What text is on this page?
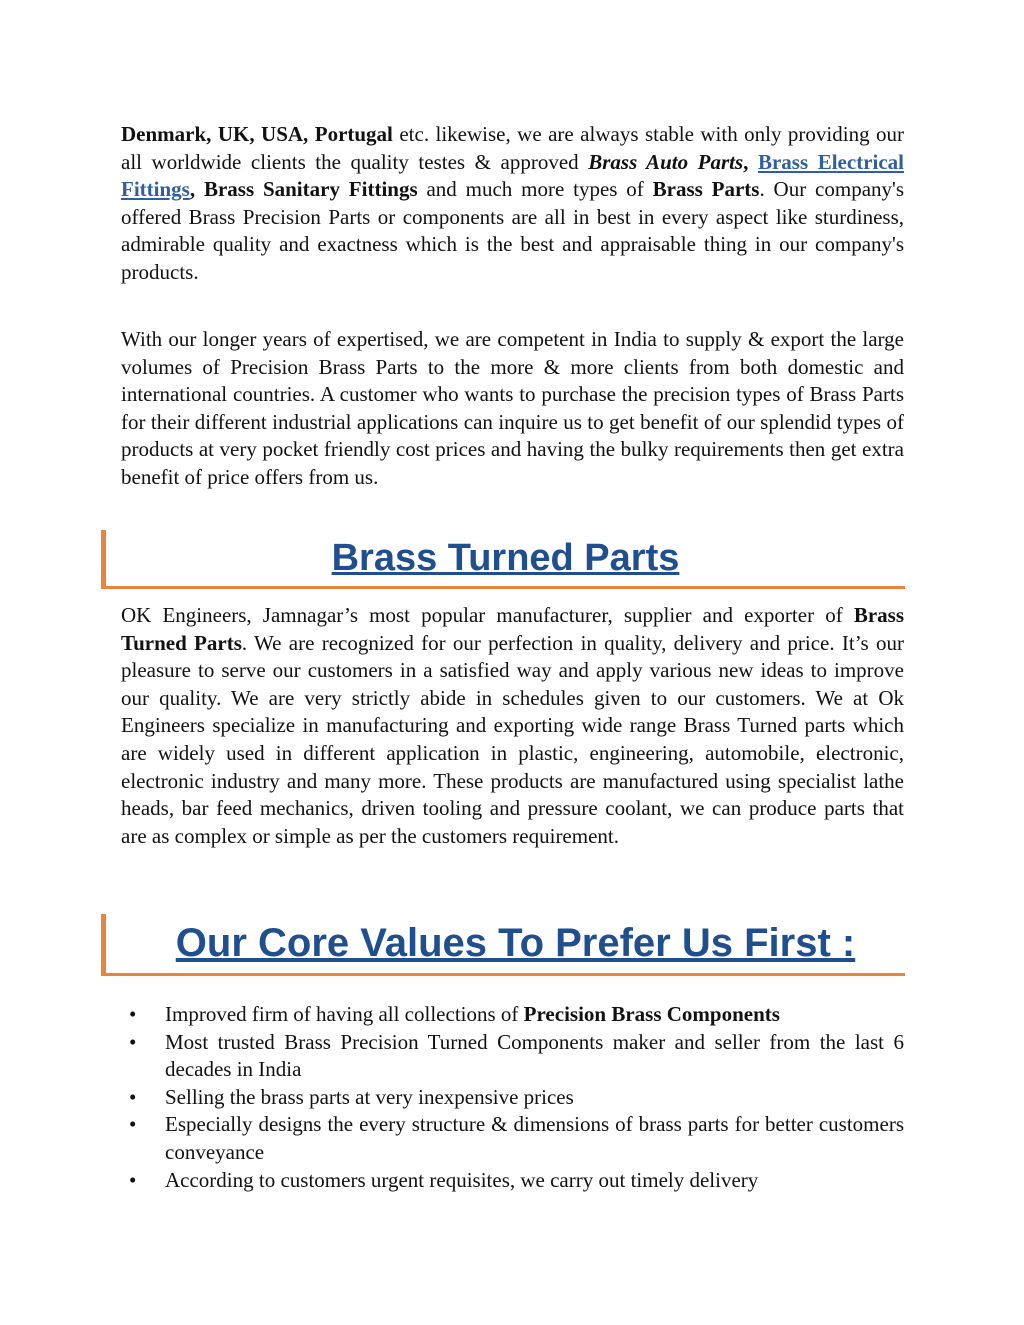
Denmark, UK, USA, Portugal etc. likewise, we are always stable with only providing our all worldwide clients the quality testes & approved Brass Auto Parts, Brass Electrical Fittings, Brass Sanitary Fittings and much more types of Brass Parts. Our company's offered Brass Precision Parts or components are all in best in every aspect like sturdiness, admirable quality and exactness which is the best and appraisable thing in our company's products.

With our longer years of expertised, we are competent in India to supply & export the large volumes of Precision Brass Parts to the more & more clients from both domestic and international countries. A customer who wants to purchase the precision types of Brass Parts for their different industrial applications can inquire us to get benefit of our splendid types of products at very pocket friendly cost prices and having the bulky requirements then get extra benefit of price offers from us.

Brass Turned Parts

OK Engineers, Jamnagar’s most popular manufacturer, supplier and exporter of Brass Turned Parts. We are recognized for our perfection in quality, delivery and price. It’s our pleasure to serve our customers in a satisfied way and apply various new ideas to improve our quality. We are very strictly abide in schedules given to our customers. We at Ok Engineers specialize in manufacturing and exporting wide range Brass Turned parts which are widely used in different application in plastic, engineering, automobile, electronic, electronic industry and many more. These products are manufactured using specialist lathe heads, bar feed mechanics, driven tooling and pressure coolant, we can produce parts that are as complex or simple as per the customers requirement.

Our Core Values To Prefer Us First :
• Improved firm of having all collections of Precision Brass Components
• Most trusted Brass Precision Turned Components maker and seller from the last 6 decades in India
• Selling the brass parts at very inexpensive prices
• Especially designs the every structure & dimensions of brass parts for better customers conveyance
• According to customers urgent requisites, we carry out timely delivery
